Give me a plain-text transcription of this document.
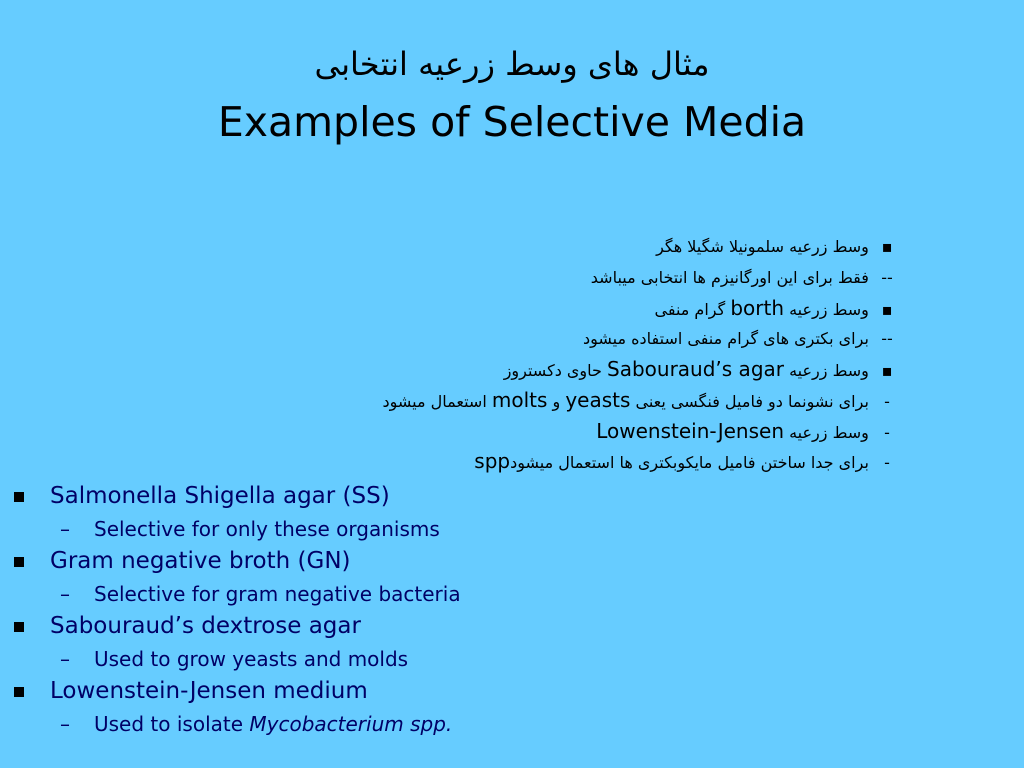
مثال های وسط زرعیه انتخابی
Examples of Selective Media
▪ وسط زرعیه سلمونیلا شگیلا هگر
-- فقط برای این اورگانیزم ها انتخابی میباشد
▪ وسط زرعیه borth گرام منفی
-- برای بکتری های گرام منفی استفاده میشود
▪ وسط زرعیه Sabouraud’s agar حاوی دکستروز
- برای نشونما دو فامیل فنگسی یعنی yeasts و molts استعمال میشود
- وسط زرعیه Lowenstein-Jensen
- برای جدا ساختن فامیل مایکوبکتری ها استعمال میشودspp
Salmonella Shigella agar (SS)
– Selective for only these organisms
Gram negative broth (GN)
– Selective for gram negative bacteria
Sabouraud’s dextrose agar
– Used to grow yeasts and molds
Lowenstein-Jensen medium
– Used to isolate Mycobacterium spp.
